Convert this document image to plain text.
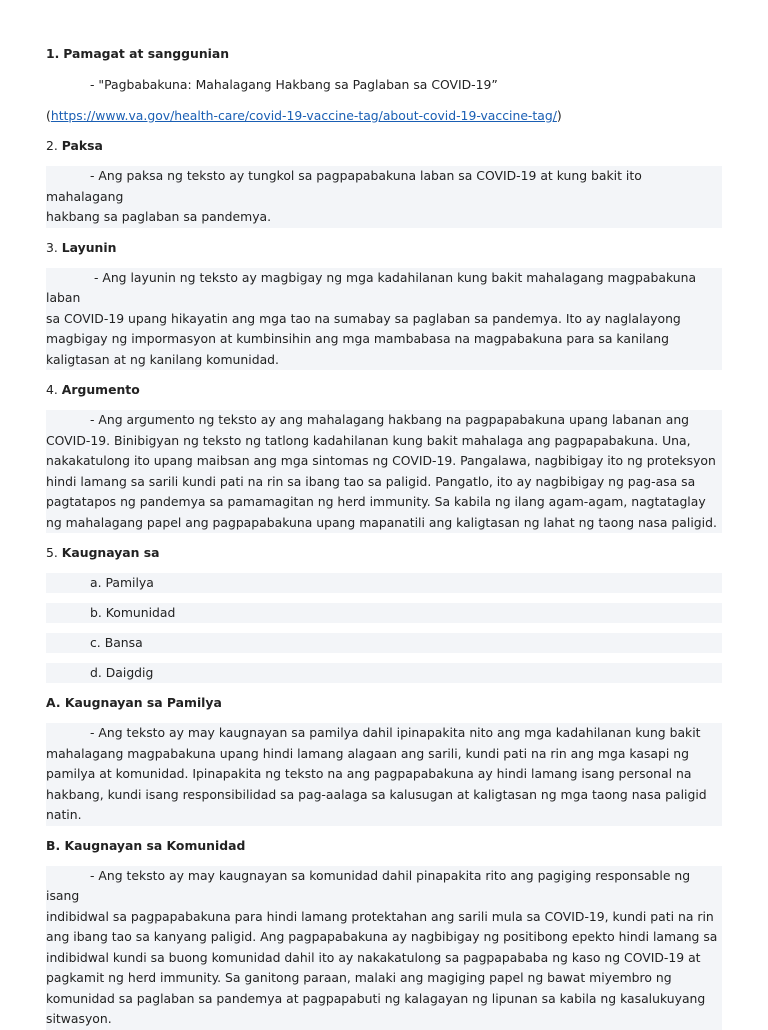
1. Pamagat at sanggunian

- "Pagbabakuna: Mahalagang Hakbang sa Paglaban sa COVID-19”

(https://www.va.gov/health-care/covid-19-vaccine-tag/about-covid-19-vaccine-tag/)

2. Paksa

- Ang paksa ng teksto ay tungkol sa pagpapabakuna laban sa COVID-19 at kung bakit ito mahalagang
hakbang sa paglaban sa pandemya.

3. Layunin

- Ang layunin ng teksto ay magbigay ng mga kadahilanan kung bakit mahalagang magpabakuna laban
sa COVID-19 upang hikayatin ang mga tao na sumabay sa paglaban sa pandemya. Ito ay naglalayong magbigay ng impormasyon at kumbinsihin ang mga mambabasa na magpabakuna para sa kanilang kaligtasan at ng kanilang komunidad.

4. Argumento

- Ang argumento ng teksto ay ang mahalagang hakbang na pagpapabakuna upang labanan ang
COVID-19. Binibigyan ng teksto ng tatlong kadahilanan kung bakit mahalaga ang pagpapabakuna. Una, nakakatulong ito upang maibsan ang mga sintomas ng COVID-19. Pangalawa, nagbibigay ito ng proteksyon hindi lamang sa sarili kundi pati na rin sa ibang tao sa paligid. Pangatlo, ito ay nagbibigay ng pag-asa sa pagtatapos ng pandemya sa pamamagitan ng herd immunity. Sa kabila ng ilang agam-agam, nagtataglay ng mahalagang papel ang pagpapabakuna upang mapanatili ang kaligtasan ng lahat ng taong nasa paligid.

5. Kaugnayan sa

a. Pamilya

b. Komunidad

c. Bansa

d. Daigdig

A. Kaugnayan sa Pamilya

- Ang teksto ay may kaugnayan sa pamilya dahil ipinapakita nito ang mga kadahilanan kung bakit
mahalagang magpabakuna upang hindi lamang alagaan ang sarili, kundi pati na rin ang mga kasapi ng pamilya at komunidad. Ipinapakita ng teksto na ang pagpapabakuna ay hindi lamang isang personal na hakbang, kundi isang responsibilidad sa pag-aalaga sa kalusugan at kaligtasan ng mga taong nasa paligid natin.

B. Kaugnayan sa Komunidad

- Ang teksto ay may kaugnayan sa komunidad dahil pinapakita rito ang pagiging responsable ng isang
indibidwal sa pagpapabakuna para hindi lamang protektahan ang sarili mula sa COVID-19, kundi pati na rin ang ibang tao sa kanyang paligid. Ang pagpapabakuna ay nagbibigay ng positibong epekto hindi lamang sa indibidwal kundi sa buong komunidad dahil ito ay nakakatulong sa pagpapababa ng kaso ng COVID-19 at pagkamit ng herd immunity. Sa ganitong paraan, malaki ang magiging papel ng bawat miyembro ng komunidad sa paglaban sa pandemya at pagpapabuti ng kalagayan ng lipunan sa kabila ng kasalukuyang sitwasyon.
